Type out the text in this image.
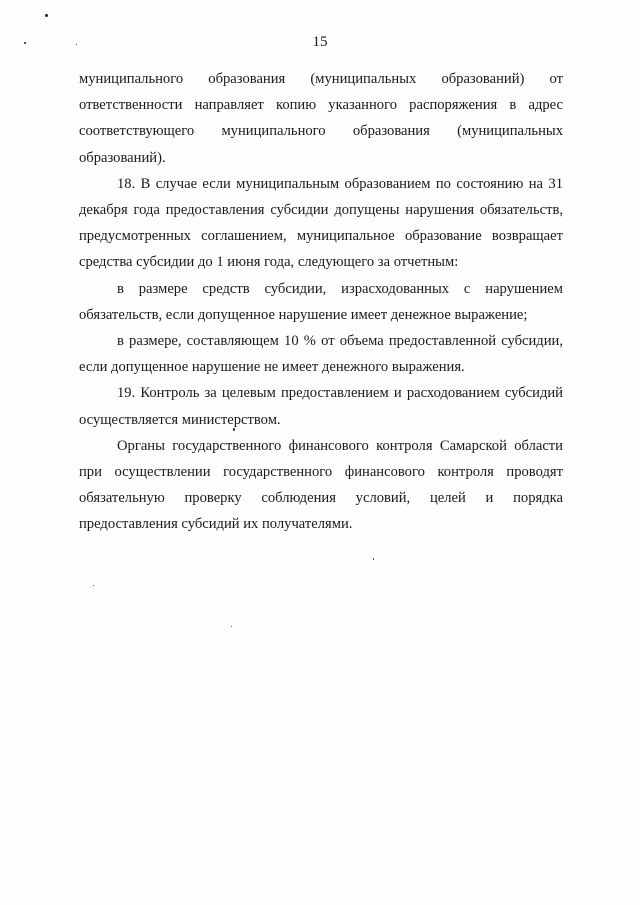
15

муниципального образования (муниципальных образований) от ответственности направляет копию указанного распоряжения в адрес соответствующего муниципального образования (муниципальных образований).

18. В случае если муниципальным образованием по состоянию на 31 декабря года предоставления субсидии допущены нарушения обязательств, предусмотренных соглашением, муниципальное образование возвращает средства субсидии до 1 июня года, следующего за отчетным:

в размере средств субсидии, израсходованных с нарушением обязательств, если допущенное нарушение имеет денежное выражение;

в размере, составляющем 10 % от объема предоставленной субсидии, если допущенное нарушение не имеет денежного выражения.

19. Контроль за целевым предоставлением и расходованием субсидий осуществляется министерством.

Органы государственного финансового контроля Самарской области при осуществлении государственного финансового контроля проводят обязательную проверку соблюдения условий, целей и порядка предоставления субсидий их получателями.
